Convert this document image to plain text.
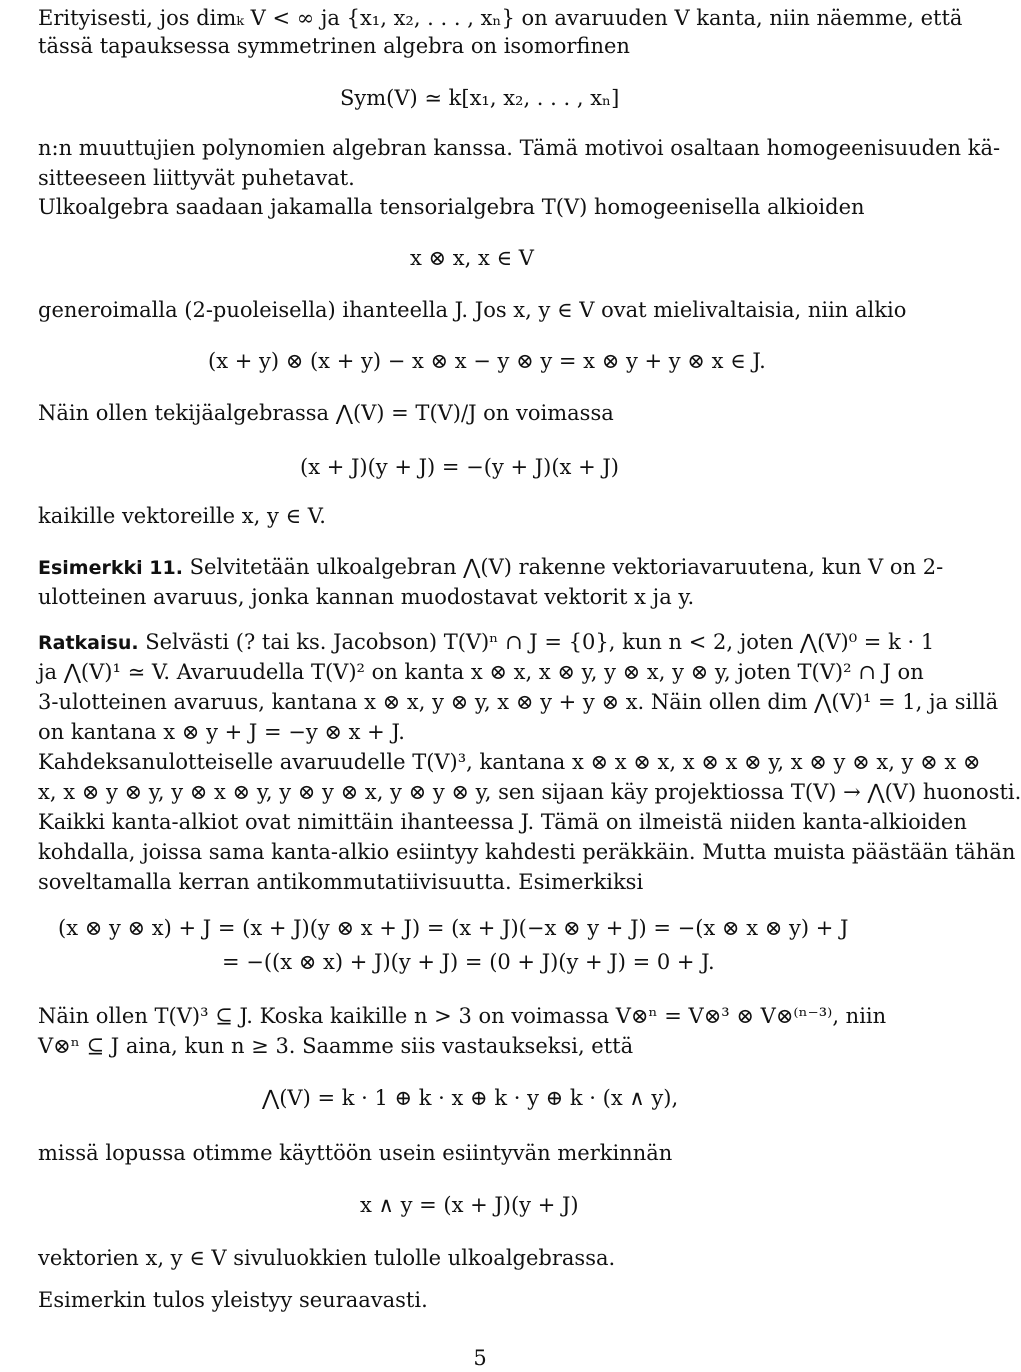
Erityisesti, jos dimₖ V < ∞ ja {x₁, x₂, . . . , xₙ} on avaruuden V kanta, niin näemme, että
tässä tapauksessa symmetrinen algebra on isomorfinen
Sym(V) ≃ k[x₁, x₂, . . . , xₙ]
n:n muuttujien polynomien algebran kanssa. Tämä motivoi osaltaan homogeenisuuden kä-
sitteeseen liittyvät puhetavat.
Ulkoalgebra saadaan jakamalla tensorialgebra T(V) homogeenisella alkioiden
x ⊗ x, x ∈ V
generoimalla (2-puoleisella) ihanteella J. Jos x, y ∈ V ovat mielivaltaisia, niin alkio
(x + y) ⊗ (x + y) − x ⊗ x − y ⊗ y = x ⊗ y + y ⊗ x ∈ J.
Näin ollen tekijäalgebrassa ⋀(V) = T(V)/J on voimassa
(x + J)(y + J) = −(y + J)(x + J)
kaikille vektoreille x, y ∈ V.
Esimerkki 11. Selvitetään ulkoalgebran ⋀(V) rakenne vektoriavaruutena, kun V on 2-
ulotteinen avaruus, jonka kannan muodostavat vektorit x ja y.
Ratkaisu. Selvästi (? tai ks. Jacobson) T(V)ⁿ ∩ J = {0}, kun n < 2, joten ⋀(V)⁰ = k · 1
ja ⋀(V)¹ ≃ V. Avaruudella T(V)² on kanta x ⊗ x, x ⊗ y, y ⊗ x, y ⊗ y, joten T(V)² ∩ J on
3-ulotteinen avaruus, kantana x ⊗ x, y ⊗ y, x ⊗ y + y ⊗ x. Näin ollen dim ⋀(V)¹ = 1, ja sillä
on kantana x ⊗ y + J = −y ⊗ x + J.
Kahdeksanulotteiselle avaruudelle T(V)³, kantana x ⊗ x ⊗ x, x ⊗ x ⊗ y, x ⊗ y ⊗ x, y ⊗ x ⊗
x, x ⊗ y ⊗ y, y ⊗ x ⊗ y, y ⊗ y ⊗ x, y ⊗ y ⊗ y, sen sijaan käy projektiossa T(V) → ⋀(V) huonosti.
Kaikki kanta-alkiot ovat nimittäin ihanteessa J. Tämä on ilmeistä niiden kanta-alkioiden
kohdalla, joissa sama kanta-alkio esiintyy kahdesti peräkkäin. Mutta muista päästään tähän
soveltamalla kerran antikommutatiivisuutta. Esimerkiksi
(x ⊗ y ⊗ x) + J = (x + J)(y ⊗ x + J) = (x + J)(−x ⊗ y + J) = −(x ⊗ x ⊗ y) + J
= −((x ⊗ x) + J)(y + J) = (0 + J)(y + J) = 0 + J.
Näin ollen T(V)³ ⊆ J. Koska kaikille n > 3 on voimassa V⊗ⁿ = V⊗³ ⊗ V⊗⁽ⁿ⁻³⁾, niin
V⊗ⁿ ⊆ J aina, kun n ≥ 3. Saamme siis vastaukseksi, että
⋀(V) = k · 1 ⊕ k · x ⊕ k · y ⊕ k · (x ∧ y),
missä lopussa otimme käyttöön usein esiintyvän merkinnän
x ∧ y = (x + J)(y + J)
vektorien x, y ∈ V sivuluokkien tulolle ulkoalgebrassa.
Esimerkin tulos yleistyy seuraavasti.
5
